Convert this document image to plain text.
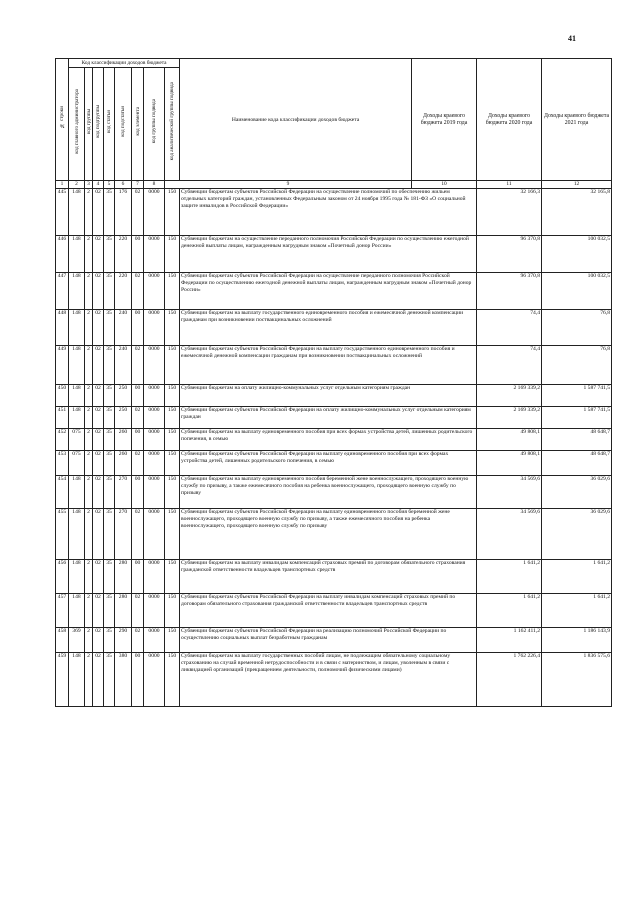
41
№ строки	Код классификации доходов бюджета								Наименование кода классификации доходов бюджета	Доходы краевого бюджета 2019 года	Доходы краевого бюджета 2020 года	Доходы краевого бюджета 2021 года	
	код главного администратора	код группы	код подгруппы	код статьи	код подстатьи	код элемента	код группы подвида	код аналитической группы подвида					
1	2	3	4	5	6	7	8	9		10	11	12	
445	148	2	02	35	176	02	0000	150	Субвенции бюджетам субъектов Российской Федерации на осуществление полномочий по обеспечению жильем отдельных категорий граждан, установленных Федеральным законом от 24 ноября 1995 года № 181-ФЗ «О социальной защите инвалидов в Российской Федерации»		32 166,3	32 165,8	
446	148	2	02	35	220	00	0000	150	Субвенции бюджетам на осуществление переданного полномочия Российской Федерации по осуществлению ежегодной денежной выплаты лицам, награжденным нагрудным знаком «Почетный донор России»		96 370,8	100 032,5	
447	148	2	02	35	220	02	0000	150	Субвенции бюджетам субъектов Российской Федерации на осуществление переданного полномочия Российской Федерации по осуществлению ежегодной денежной выплаты лицам, награжденным нагрудным знаком «Почетный донор России»		96 370,8	100 032,5	
448	148	2	02	35	240	00	0000	150	Субвенции бюджетам на выплату государственного единовременного пособия и ежемесячной денежной компенсации гражданам при возникновении поствакцинальных осложнений		74,4	76,8	
449	148	2	02	35	240	02	0000	150	Субвенции бюджетам субъектов Российской Федерации на выплату государственного единовременного пособия и ежемесячной денежной компенсации гражданам при возникновении поствакцинальных осложнений		74,4	76,8	
450	148	2	02	35	250	00	0000	150	Субвенции бюджетам на оплату жилищно-коммунальных услуг отдельным категориям граждан		2 169 339,2	1 587 741,5	
451	148	2	02	35	250	02	0000	150	Субвенции бюджетам субъектов Российской Федерации на оплату жилищно-коммунальных услуг отдельным категориям граждан		2 169 339,2	1 587 741,5	
452	075	2	02	35	260	00	0000	150	Субвенции бюджетам на выплату единовременного пособия при всех формах устройства детей, лишенных родительского попечения, в семью		49 808,1	48 648,7	
453	075	2	02	35	260	02	0000	150	Субвенции бюджетам субъектов Российской Федерации на выплату единовременного пособия при всех формах устройства детей, лишенных родительского попечения, в семью		49 808,1	48 648,7	
454	148	2	02	35	270	00	0000	150	Субвенции бюджетам на выплату единовременного пособия беременной жене военнослужащего, проходящего военную службу по призыву, а также ежемесячного пособия на ребенка военнослужащего, проходящего военную службу по призыву		34 569,6	36 029,6	
455	148	2	02	35	270	02	0000	150	Субвенции бюджетам субъектов Российской Федерации на выплату единовременного пособия беременной жене военнослужащего, проходящего военную службу по призыву, а также ежемесячного пособия на ребенка военнослужащего, проходящего военную службу по призыву		34 569,6	36 029,6	
456	148	2	02	35	280	00	0000	150	Субвенции бюджетам на выплату инвалидам компенсаций страховых премий по договорам обязательного страхования гражданской ответственности владельцев транспортных средств		1 641,2	1 641,2	
457	148	2	02	35	280	02	0000	150	Субвенции бюджетам субъектов Российской Федерации на выплату инвалидам компенсаций страховых премий по договорам обязательного страхования гражданской ответственности владельцев транспортных средств		1 641,2	1 641,2	
458	369	2	02	35	290	02	0000	150	Субвенции бюджетам субъектов Российской Федерации на реализацию полномочий Российской Федерации по осуществлению социальных выплат безработным гражданам		1 162 411,2	1 186 143,9	
459	148	2	02	35	380	00	0000	150	Субвенции бюджетам на выплату государственных пособий лицам, не подлежащим обязательному социальному страхованию на случай временной нетрудоспособности и в связи с материнством, и лицам, уволенным в связи с ликвидацией организаций (прекращением деятельности, полномочий физическими лицами)		1 762 226,4	1 836 575,6	
